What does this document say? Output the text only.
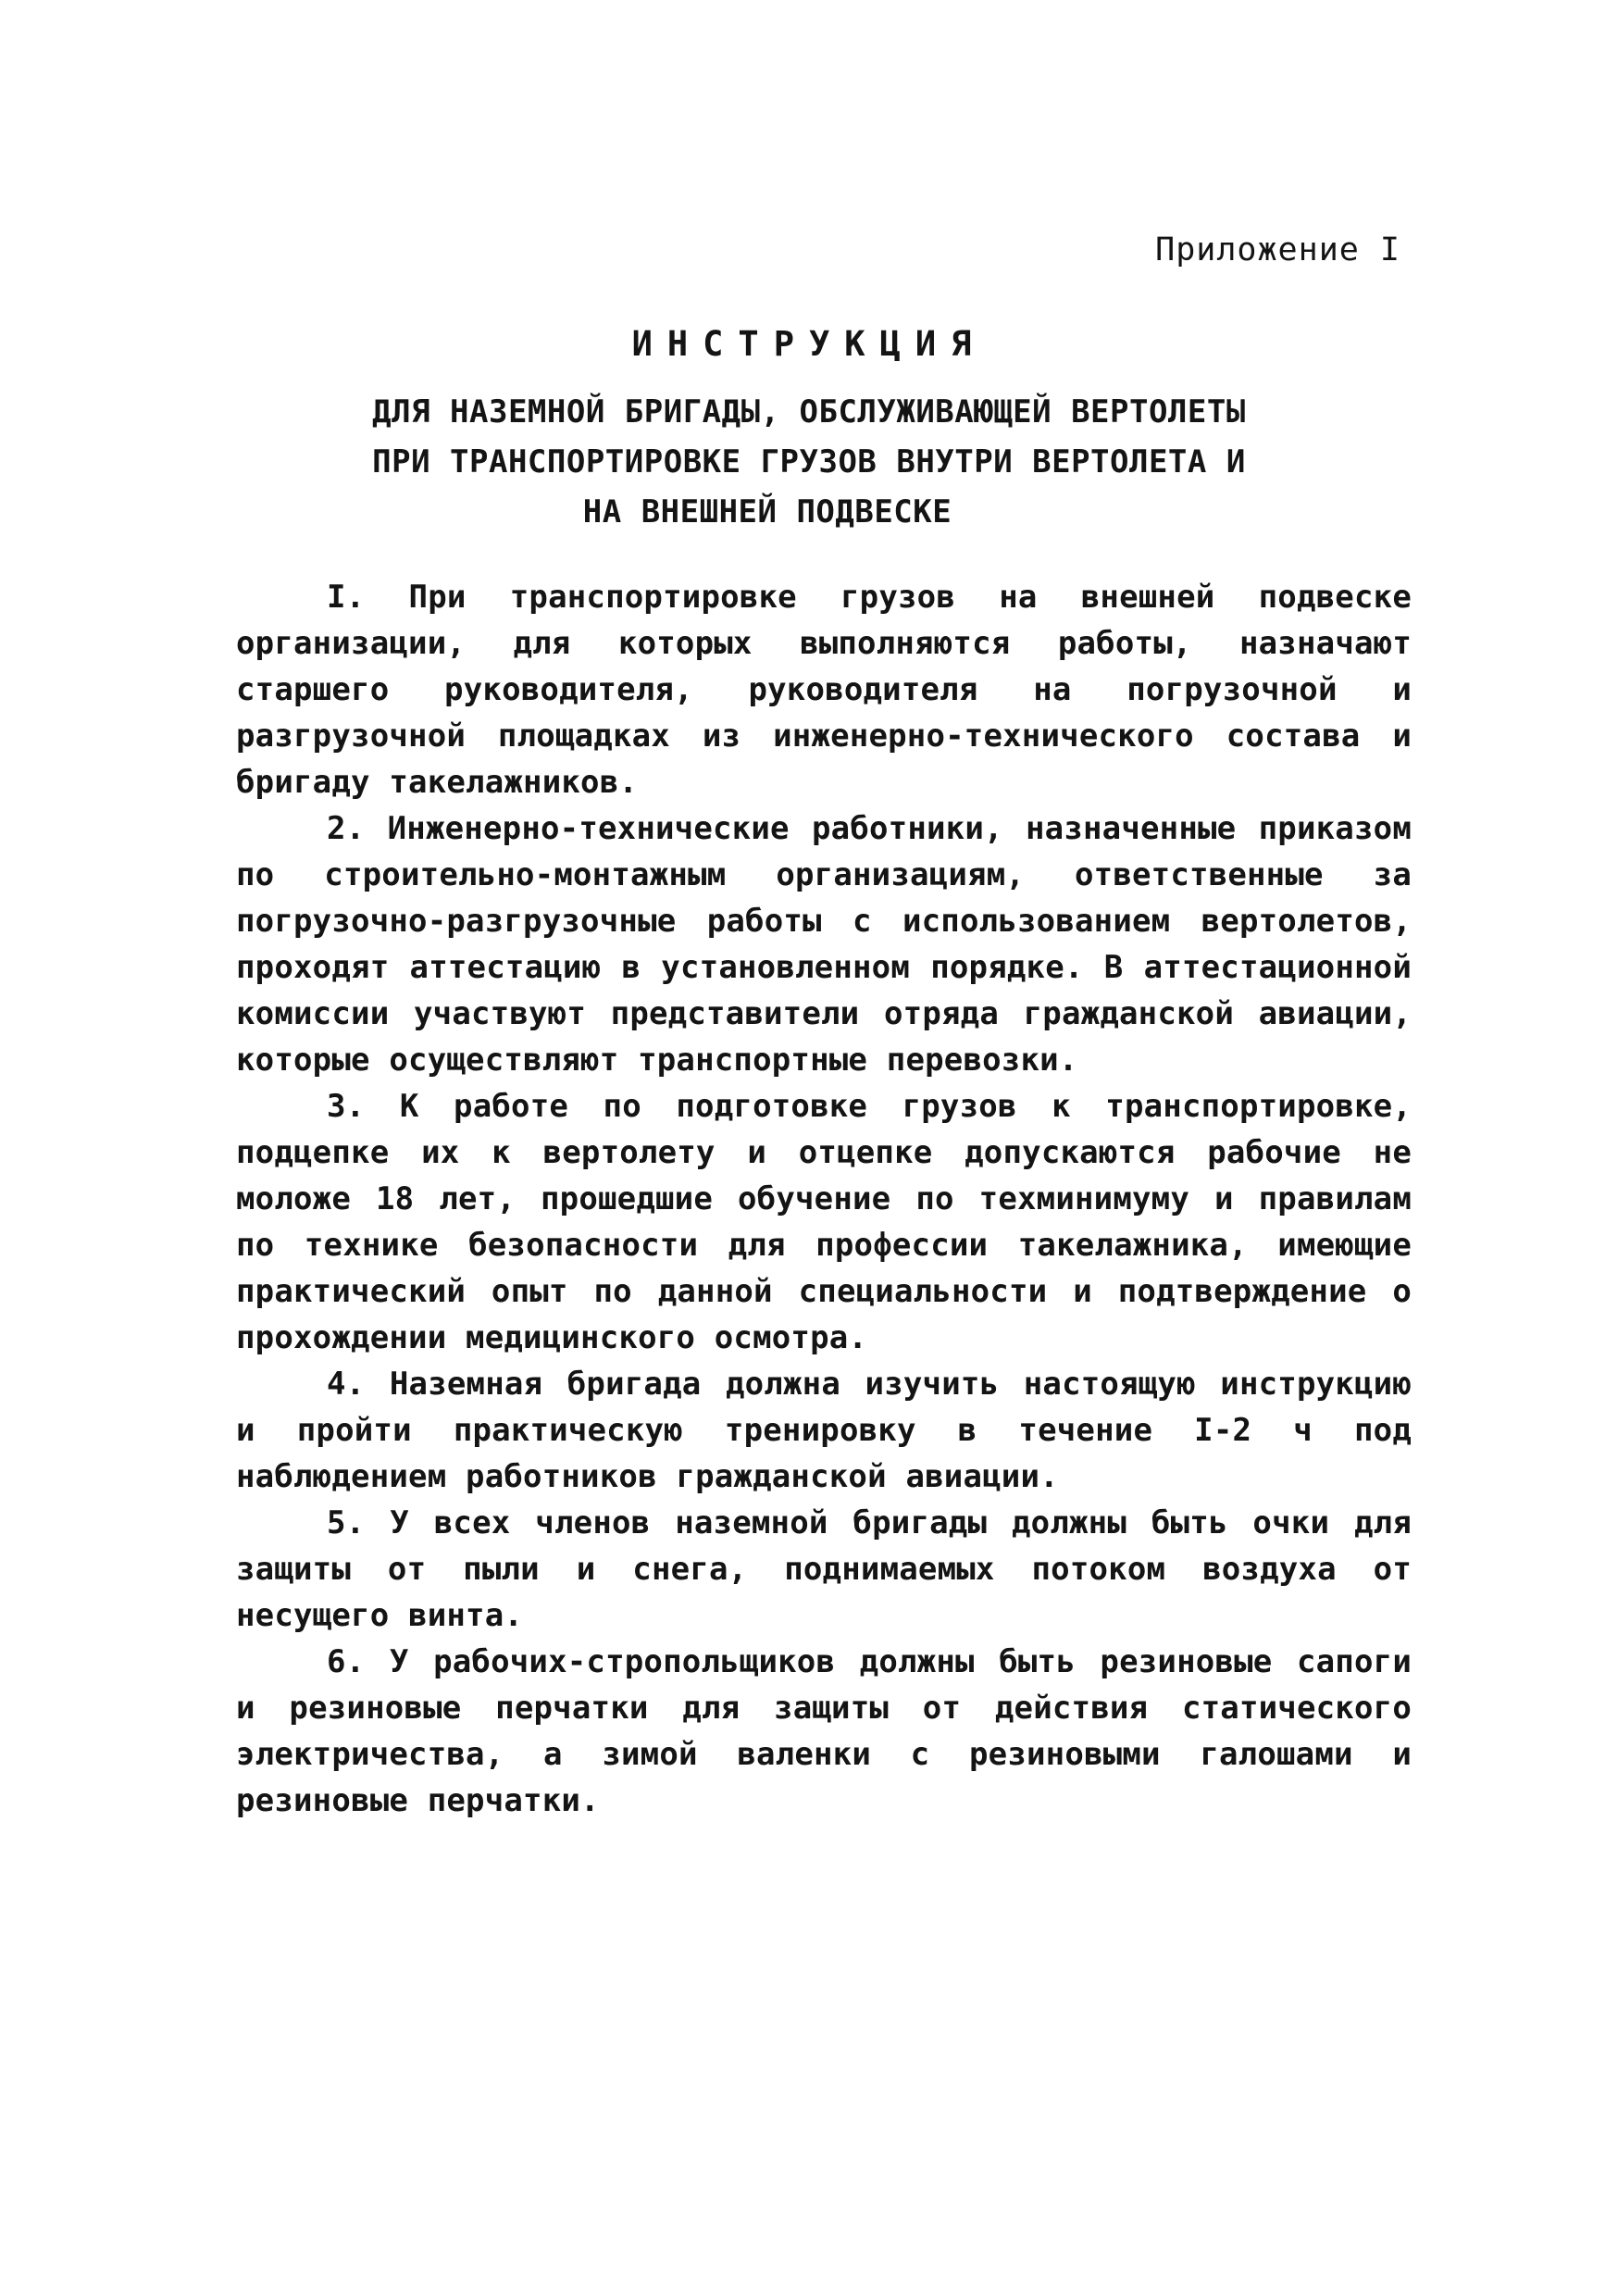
Приложение I
ИНСТРУКЦИЯ
ДЛЯ НАЗЕМНОЙ БРИГАДЫ, ОБСЛУЖИВАЮЩЕЙ ВЕРТОЛЕТЫ
ПРИ ТРАНСПОРТИРОВКЕ ГРУЗОВ ВНУТРИ ВЕРТОЛЕТА И
НА ВНЕШНЕЙ ПОДВЕСКЕ

I. При транспортировке грузов на внешней подвеске организации, для которых выполняются работы, назначают старшего руководителя, руководителя на погрузочной и разгрузочной площадках из инженерно-технического состава и бригаду такелажников.

2. Инженерно-технические работники, назначенные приказом по строительно-монтажным организациям, ответственные за погрузочно-разгрузочные работы с использованием вертолетов, проходят аттестацию в установленном порядке. В аттестационной комиссии участвуют представители отряда гражданской авиации, которые осуществляют транспортные перевозки.

3. К работе по подготовке грузов к транспортировке, подцепке их к вертолету и отцепке допускаются рабочие не моложе 18 лет, прошедшие обучение по техминимуму и правилам по технике безопасности для профессии такелажника, имеющие практический опыт по данной специальности и подтверждение о прохождении медицинского осмотра.

4. Наземная бригада должна изучить настоящую инструкцию и пройти практическую тренировку в течение I-2 ч под наблюдением работников гражданской авиации.

5. У всех членов наземной бригады должны быть очки для защиты от пыли и снега, поднимаемых потоком воздуха от несущего винта.

6. У рабочих-стропольщиков должны быть резиновые сапоги и резиновые перчатки для защиты от действия статического электричества, а зимой валенки с резиновыми галошами и резиновые перчатки.
